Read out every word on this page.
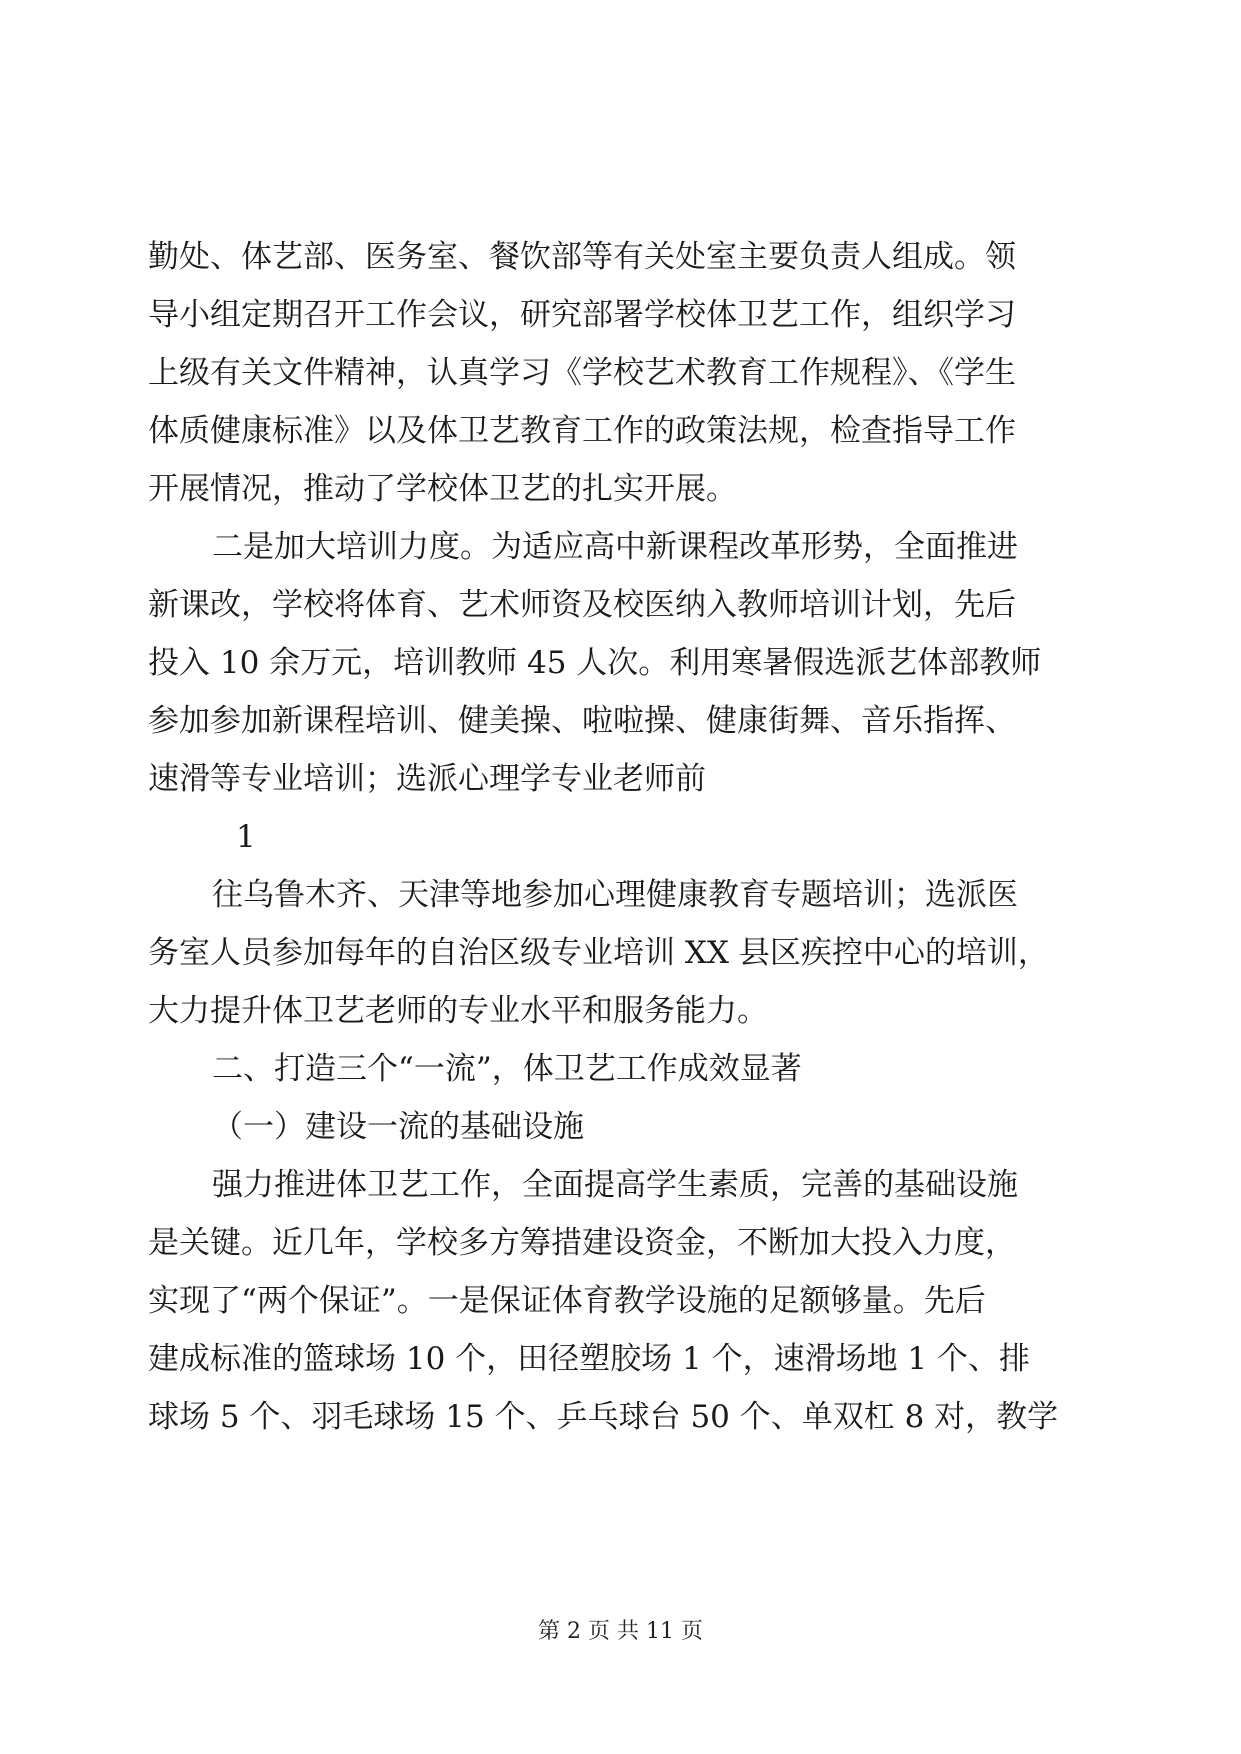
勤处、体艺部、医务室、餐饮部等有关处室主要负责人组成。领
导小组定期召开工作会议，研究部署学校体卫艺工作，组织学习
上级有关文件精神，认真学习《学校艺术教育工作规程》、《学生
体质健康标准》以及体卫艺教育工作的政策法规，检查指导工作
开展情况，推动了学校体卫艺的扎实开展。
二是加大培训力度。为适应高中新课程改革形势，全面推进
新课改，学校将体育、艺术师资及校医纳入教师培训计划，先后
投入 10 余万元，培训教师 45 人次。利用寒暑假选派艺体部教师
参加参加新课程培训、健美操、啦啦操、健康街舞、音乐指挥、
速滑等专业培训；选派心理学专业老师前
1
往乌鲁木齐、天津等地参加心理健康教育专题培训；选派医
务室人员参加每年的自治区级专业培训 XX 县区疾控中心的培训，
大力提升体卫艺老师的专业水平和服务能力。
二、打造三个“一流”，体卫艺工作成效显著
（一）建设一流的基础设施
强力推进体卫艺工作，全面提高学生素质，完善的基础设施
是关键。近几年，学校多方筹措建设资金，不断加大投入力度，
实现了“两个保证”。一是保证体育教学设施的足额够量。先后
建成标准的篮球场 10 个，田径塑胶场 1 个，速滑场地 1 个、排
球场 5 个、羽毛球场 15 个、乒乓球台 50 个、单双杠 8 对，教学
第 2 页 共 11 页
